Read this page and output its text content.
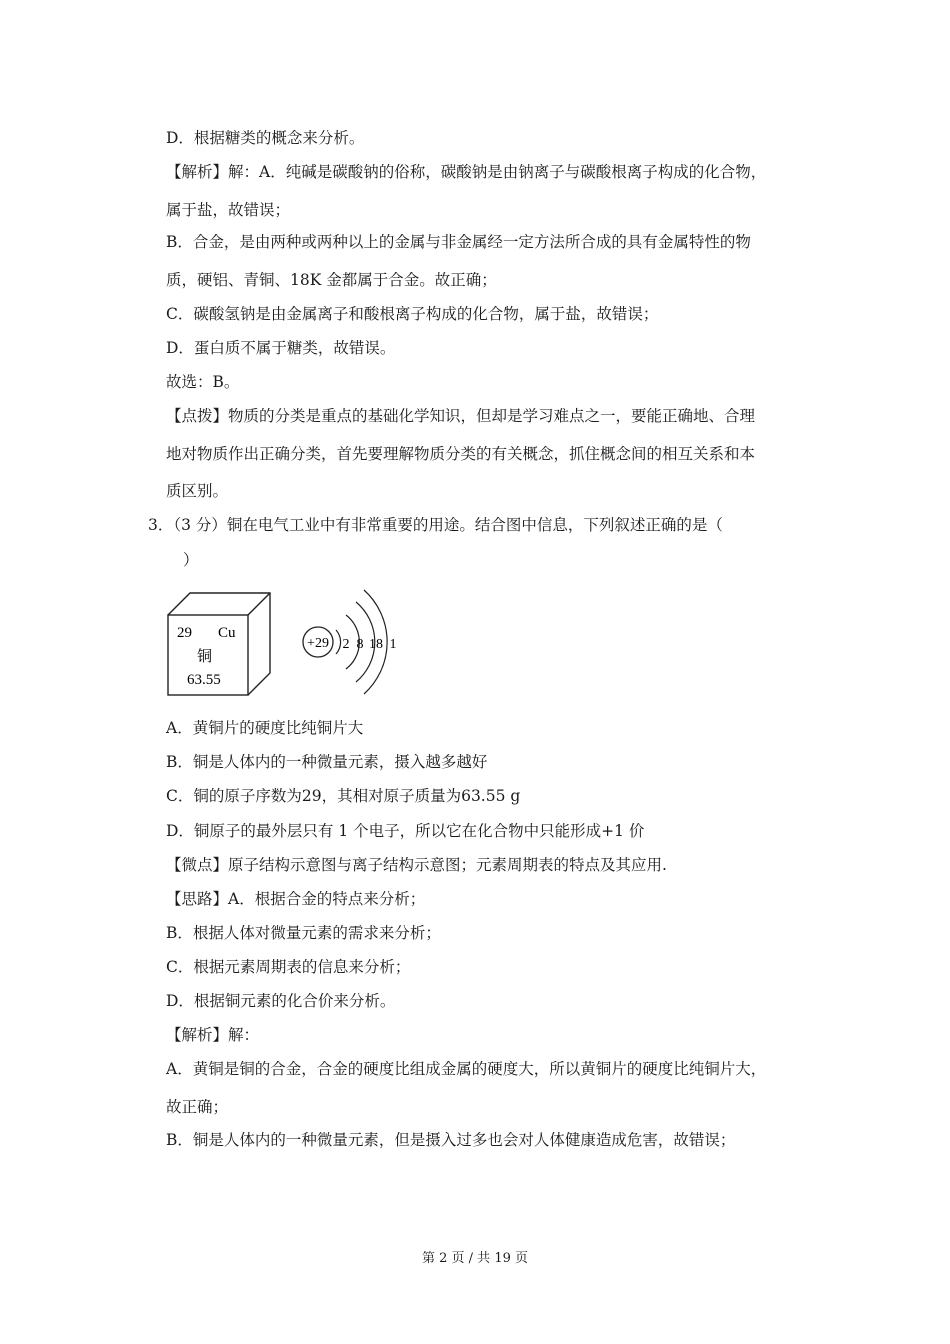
D．根据糖类的概念来分析。
【解析】解：A．纯碱是碳酸钠的俗称，碳酸钠是由钠离子与碳酸根离子构成的化合物，
属于盐，故错误；
B．合金，是由两种或两种以上的金属与非金属经一定方法所合成的具有金属特性的物
质，硬铝、青铜、18K 金都属于合金。故正确；
C．碳酸氢钠是由金属离子和酸根离子构成的化合物，属于盐，故错误；
D．蛋白质不属于糖类，故错误。
故选：B。
【点拨】物质的分类是重点的基础化学知识，但却是学习难点之一，要能正确地、合理
地对物质作出正确分类，首先要理解物质分类的有关概念，抓住概念间的相互关系和本
质区别。
3．（3 分）铜在电气工业中有非常重要的用途。结合图中信息，下列叙述正确的是（
）
29 Cu
铜
63.55
+29 2 8 18 1
A．黄铜片的硬度比纯铜片大
B．铜是人体内的一种微量元素，摄入越多越好
C．铜的原子序数为29，其相对原子质量为63.55 g
D．铜原子的最外层只有 1 个电子，所以它在化合物中只能形成+1 价
【微点】原子结构示意图与离子结构示意图；元素周期表的特点及其应用.
【思路】A．根据合金的特点来分析；
B．根据人体对微量元素的需求来分析；
C．根据元素周期表的信息来分析；
D．根据铜元素的化合价来分析。
【解析】解：
A．黄铜是铜的合金，合金的硬度比组成金属的硬度大，所以黄铜片的硬度比纯铜片大，
故正确；
B．铜是人体内的一种微量元素，但是摄入过多也会对人体健康造成危害，故错误；
第 2 页 / 共 19 页
